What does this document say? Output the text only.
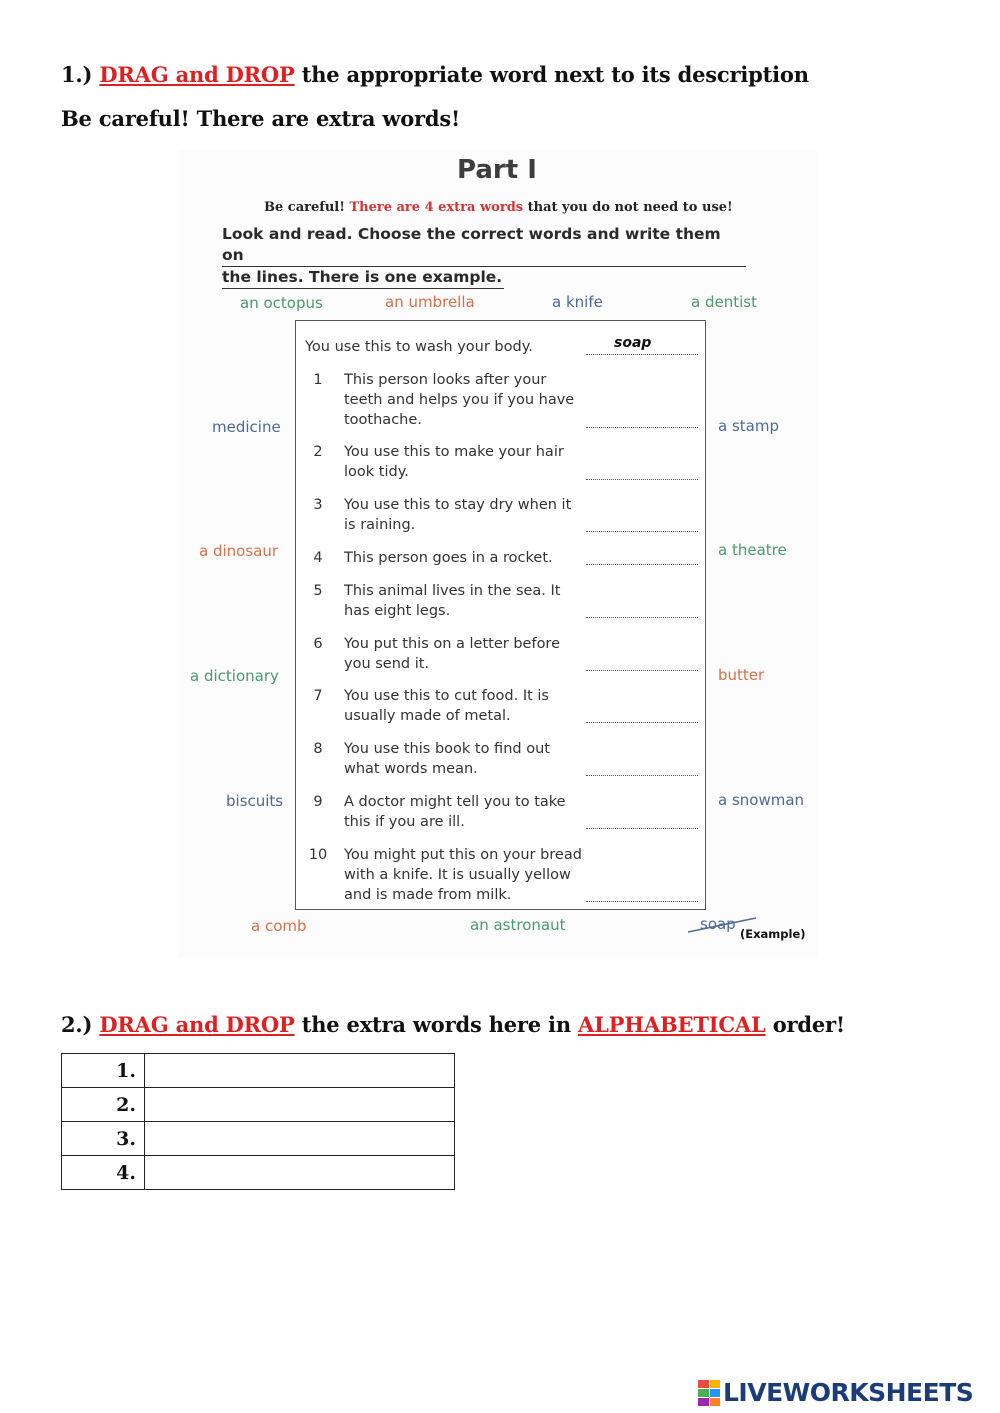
1.) DRAG and DROP the appropriate word next to its description
Be careful! There are extra words!
Part I
Be careful! There are 4 extra words that you do not need to use!
Look and read. Choose the correct words and write them on
the lines. There is one example.
an octopus	an umbrella	a knife	a dentist
medicine	a stamp
a dinosaur	a theatre
a dictionary	butter
biscuits	a snowman
a comb	an astronaut	soap
(Example)
You use this to wash your body.	soap
1	This person looks after your teeth and helps you if you have toothache.
2	You use this to make your hair look tidy.
3	You use this to stay dry when it is raining.
4	This person goes in a rocket.
5	This animal lives in the sea. It has eight legs.
6	You put this on a letter before you send it.
7	You use this to cut food. It is usually made of metal.
8	You use this book to find out what words mean.
9	A doctor might tell you to take this if you are ill.
10 You might put this on your bread with a knife. It is usually yellow and is made from milk.
2.) DRAG and DROP the extra words here in ALPHABETICAL order!
1.	
2.	
3.	
4.	
LIVEWORKSHEETS
